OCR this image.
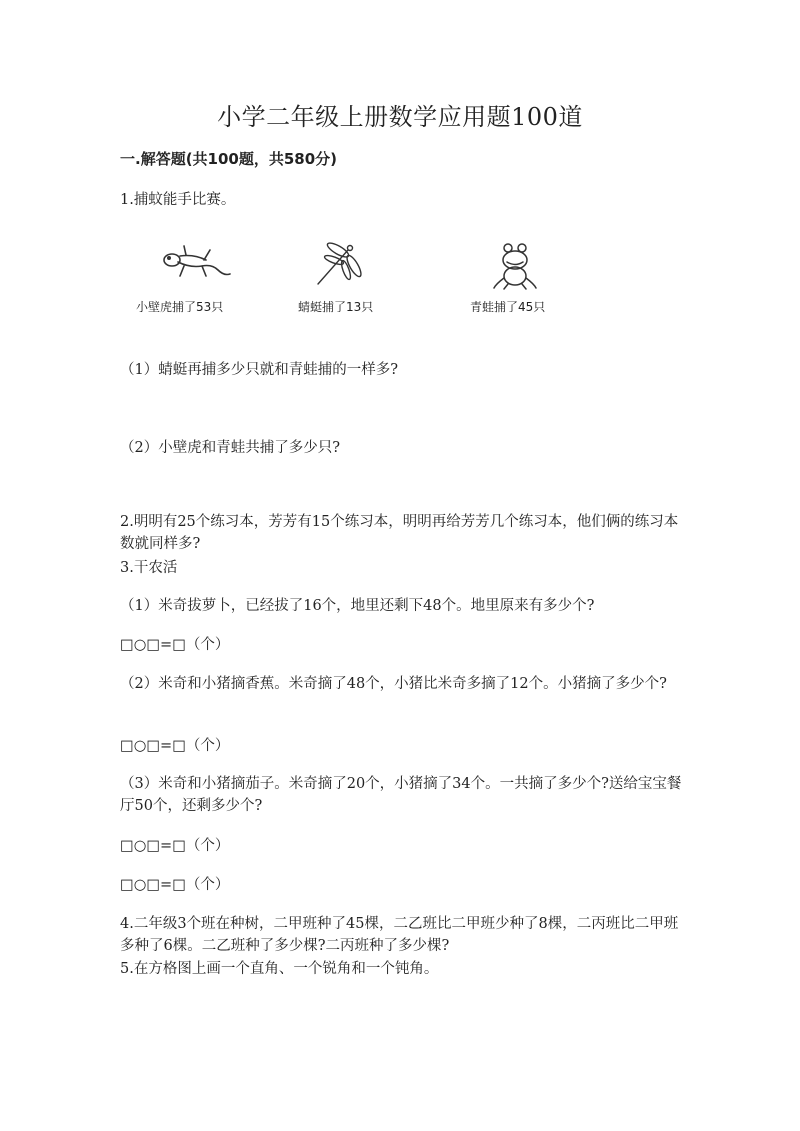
小学二年级上册数学应用题100道
一.解答题(共100题，共580分)
1.捕蚊能手比赛。
小壁虎捕了53只	蜻蜓捕了13只	青蛙捕了45只
（1）蜻蜓再捕多少只就和青蛙捕的一样多?
（2）小壁虎和青蛙共捕了多少只?
2.明明有25个练习本，芳芳有15个练习本，明明再给芳芳几个练习本，他们俩的练习本数就同样多?
3.干农活
（1）米奇拔萝卜，已经拔了16个，地里还剩下48个。地里原来有多少个?
□○□=□（个）
（2）米奇和小猪摘香蕉。米奇摘了48个，小猪比米奇多摘了12个。小猪摘了多少个?
□○□=□（个）
（3）米奇和小猪摘茄子。米奇摘了20个，小猪摘了34个。一共摘了多少个?送给宝宝餐厅50个，还剩多少个?
□○□=□（个）
□○□=□（个）
4.二年级3个班在种树，二甲班种了45棵，二乙班比二甲班少种了8棵，二丙班比二甲班多种了6棵。二乙班种了多少棵?二丙班种了多少棵?
5.在方格图上画一个直角、一个锐角和一个钝角。
